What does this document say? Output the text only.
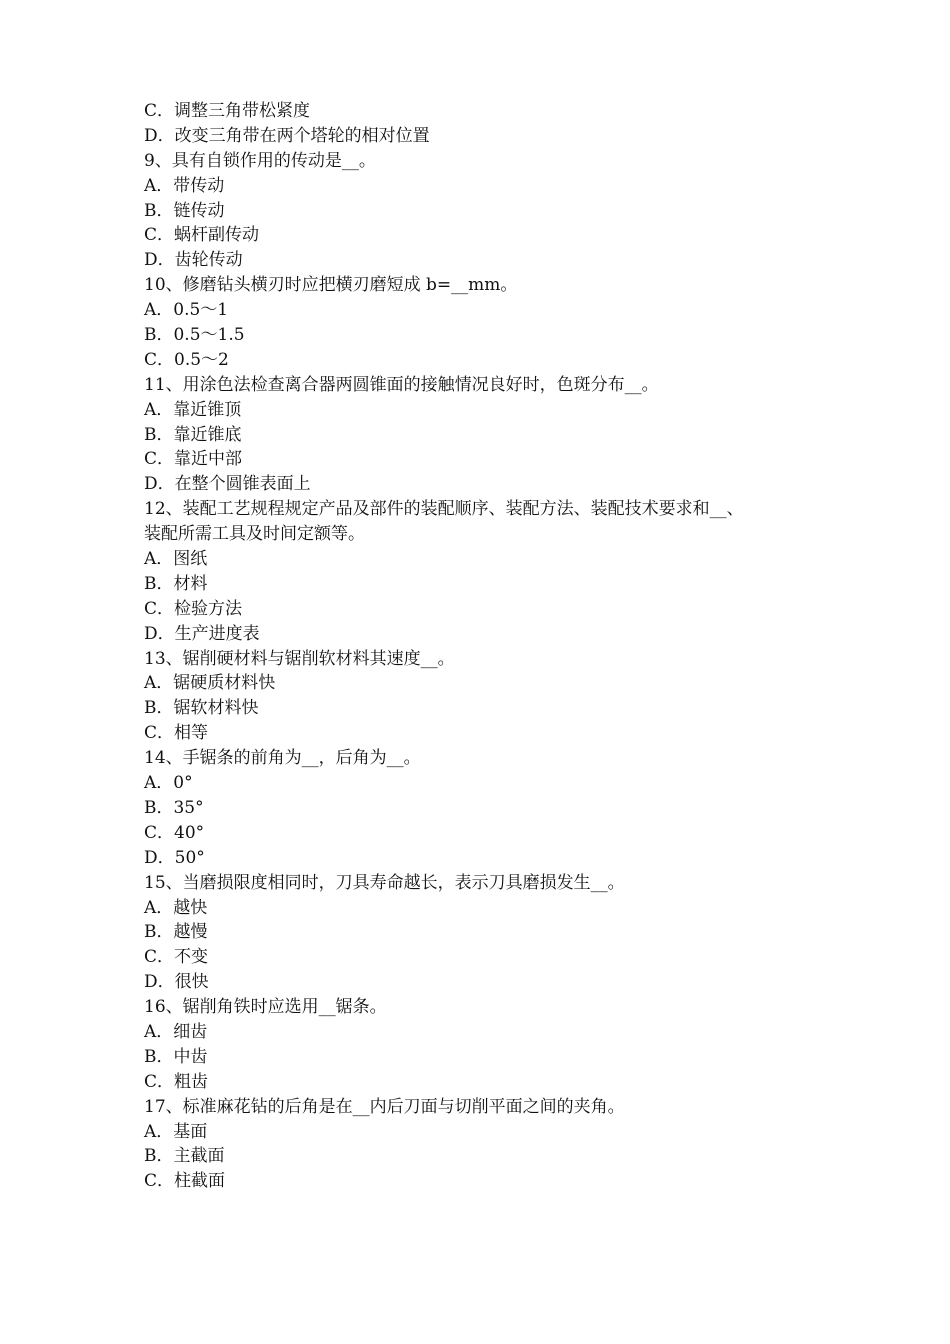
C．调整三角带松紧度
D．改变三角带在两个塔轮的相对位置
9、具有自锁作用的传动是__。
A．带传动
B．链传动
C．蜗杆副传动
D．齿轮传动
10、修磨钻头横刃时应把横刃磨短成 b=__mm。
A．0.5～1
B．0.5～1.5
C．0.5～2
11、用涂色法检查离合器两圆锥面的接触情况良好时，色斑分布__。
A．靠近锥顶
B．靠近锥底
C．靠近中部
D．在整个圆锥表面上
12、装配工艺规程规定产品及部件的装配顺序、装配方法、装配技术要求和__、
装配所需工具及时间定额等。
A．图纸
B．材料
C．检验方法
D．生产进度表
13、锯削硬材料与锯削软材料其速度__。
A．锯硬质材料快
B．锯软材料快
C．相等
14、手锯条的前角为__，后角为__。
A．0°
B．35°
C．40°
D．50°
15、当磨损限度相同时，刀具寿命越长，表示刀具磨损发生__。
A．越快
B．越慢
C．不变
D．很快
16、锯削角铁时应选用__锯条。
A．细齿
B．中齿
C．粗齿
17、标准麻花钻的后角是在__内后刀面与切削平面之间的夹角。
A．基面
B．主截面
C．柱截面
